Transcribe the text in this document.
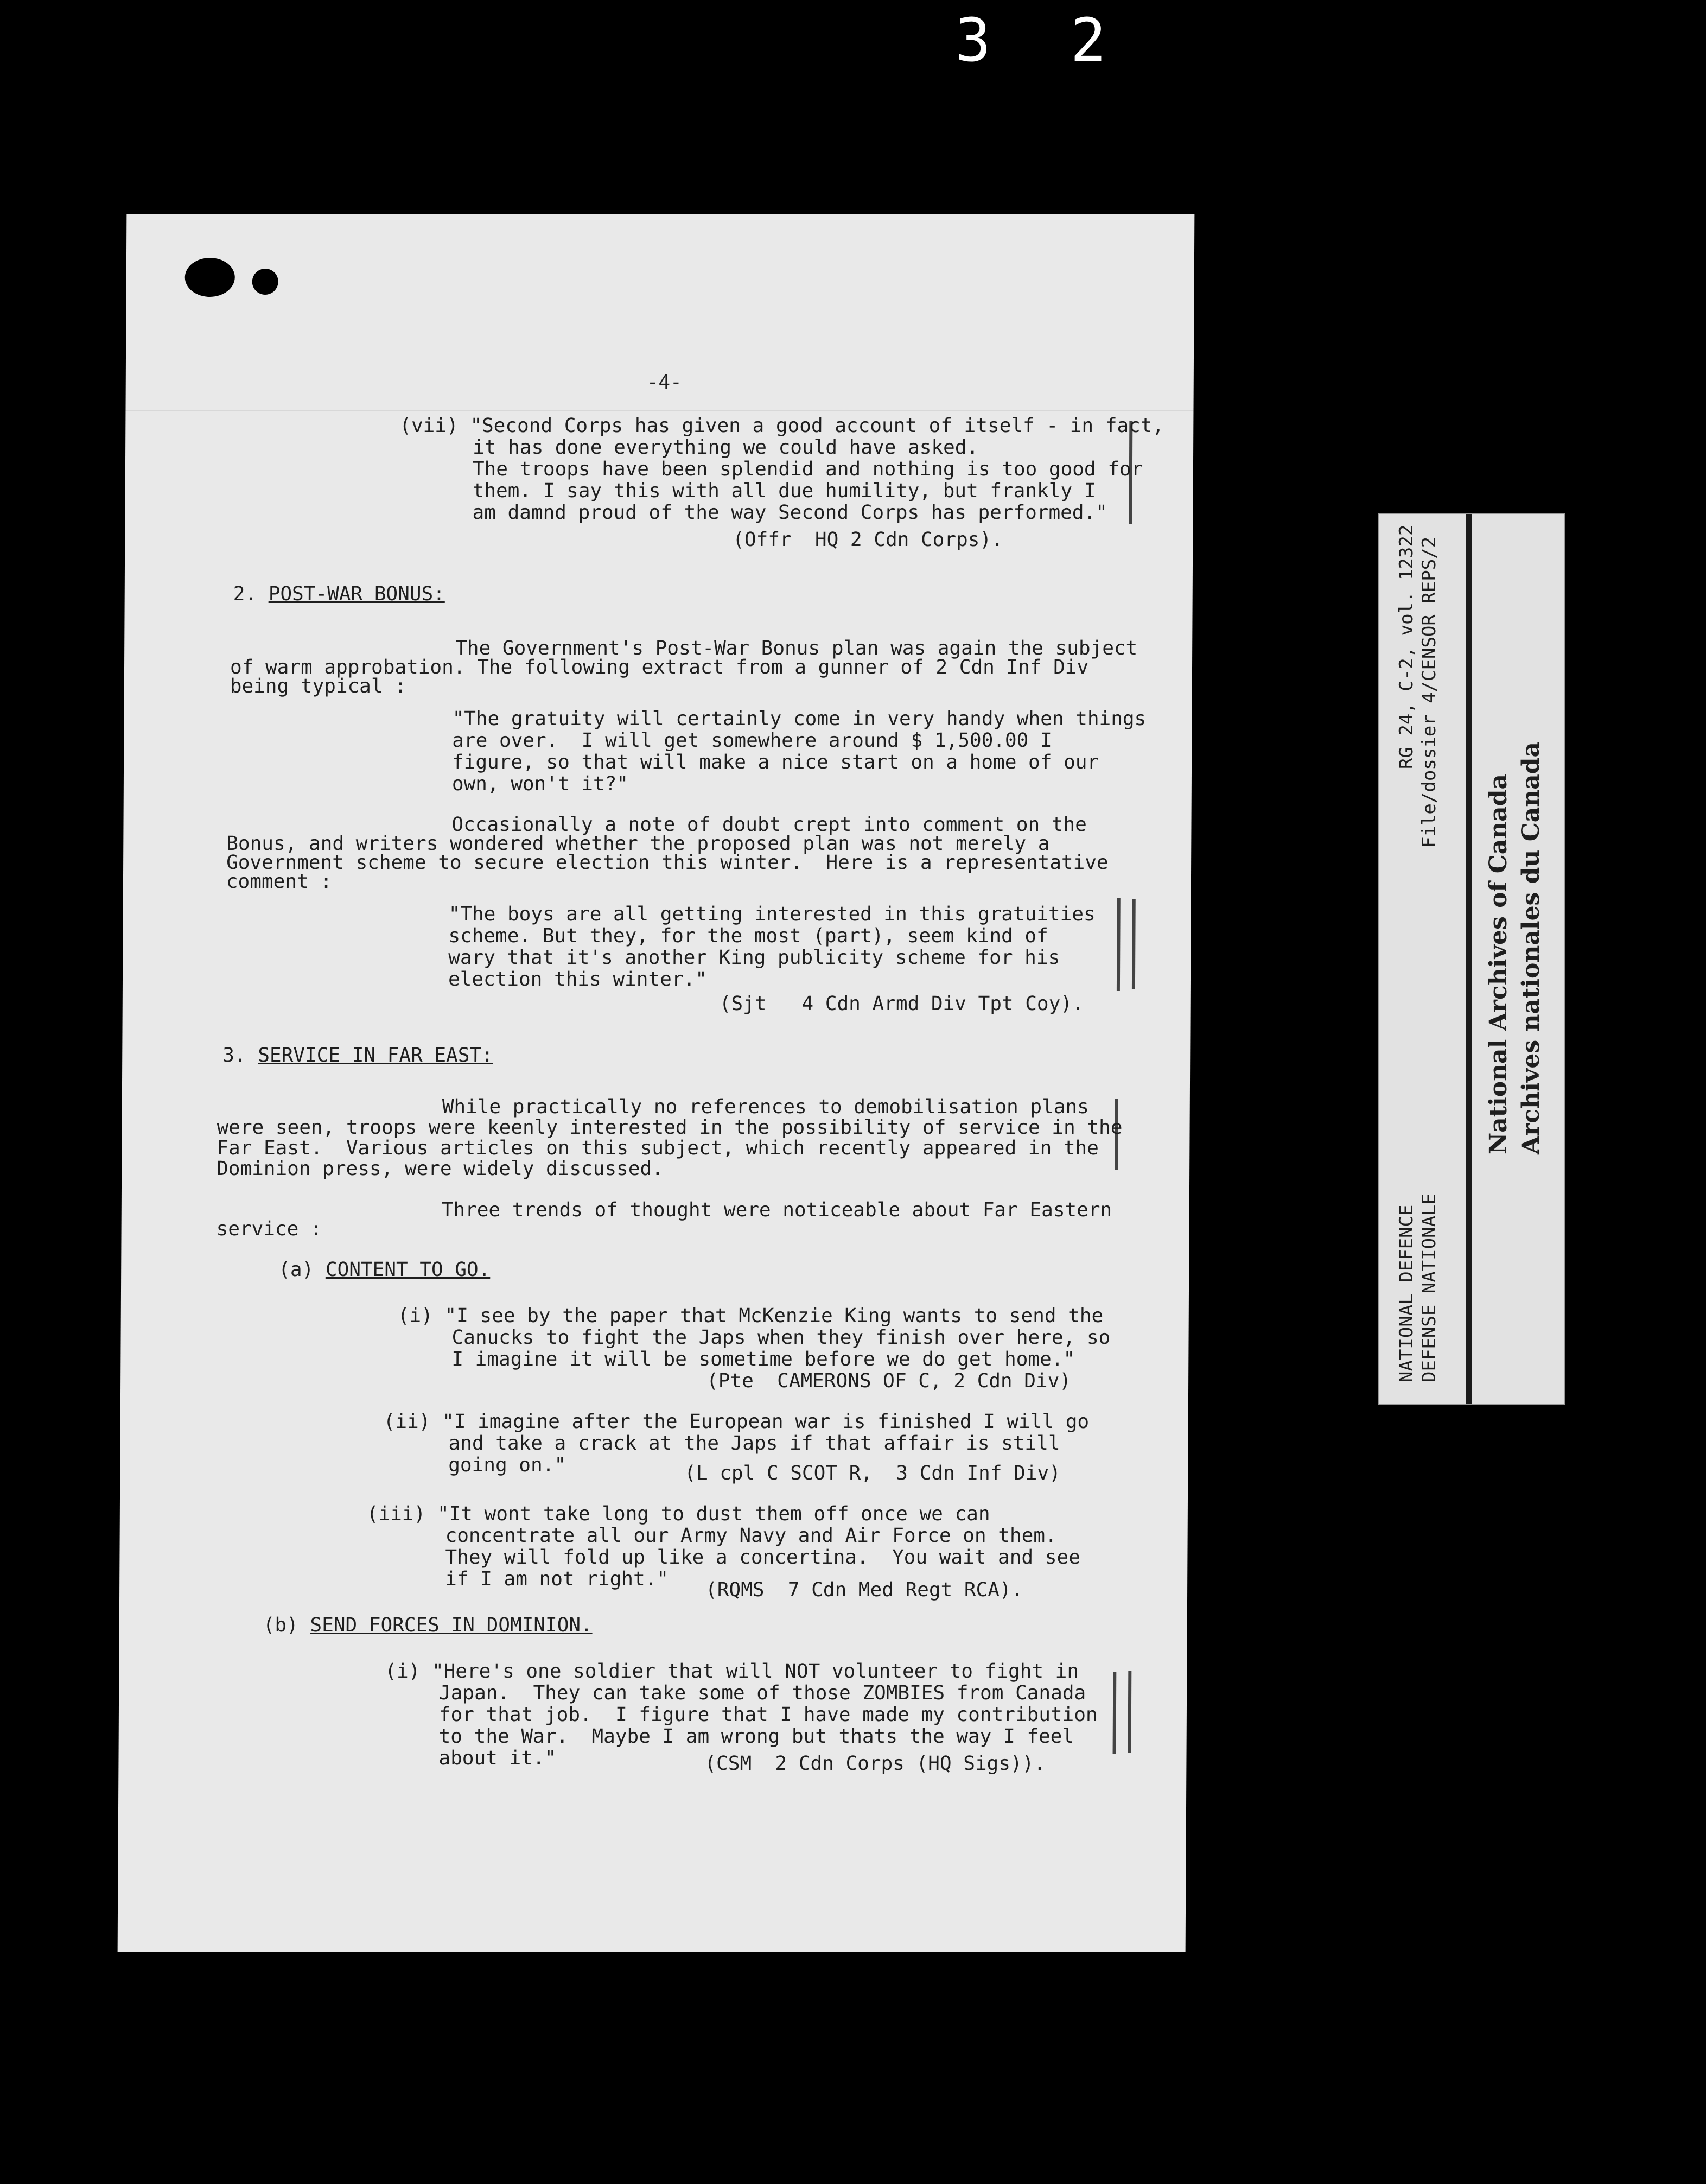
3 2
-4-
(vii) "Second Corps has given a good account of itself - in fact,
it has done everything we could have asked.
The troops have been splendid and nothing is too good for
them. I say this with all due humility, but frankly I
am damnd proud of the way Second Corps has performed."
(Offr  HQ 2 Cdn Corps).
2. POST-WAR BONUS:
The Government's Post-War Bonus plan was again the subject
of warm approbation. The following extract from a gunner of 2 Cdn Inf Div
being typical :
"The gratuity will certainly come in very handy when things
are over.  I will get somewhere around $ 1,500.00 I
figure, so that will make a nice start on a home of our
own, won't it?"
Occasionally a note of doubt crept into comment on the
Bonus, and writers wondered whether the proposed plan was not merely a
Government scheme to secure election this winter.  Here is a representative
comment :
"The boys are all getting interested in this gratuities
scheme. But they, for the most (part), seem kind of
wary that it's another King publicity scheme for his
election this winter."
(Sjt   4 Cdn Armd Div Tpt Coy).
3. SERVICE IN FAR EAST:
While practically no references to demobilisation plans
were seen, troops were keenly interested in the possibility of service in the
Far East.  Various articles on this subject, which recently appeared in the
Dominion press, were widely discussed.
Three trends of thought were noticeable about Far Eastern
service :
(a) CONTENT TO GO.
(i) "I see by the paper that McKenzie King wants to send the
Canucks to fight the Japs when they finish over here, so
I imagine it will be sometime before we do get home."
(Pte  CAMERONS OF C, 2 Cdn Div)
(ii) "I imagine after the European war is finished I will go
and take a crack at the Japs if that affair is still
going on."	(L cpl C SCOT R,  3 Cdn Inf Div)
(iii) "It wont take long to dust them off once we can
concentrate all our Army Navy and Air Force on them.
They will fold up like a concertina.  You wait and see
if I am not right." (RQMS  7 Cdn Med Regt RCA).
(b) SEND FORCES IN DOMINION.
(i) "Here's one soldier that will NOT volunteer to fight in
Japan.  They can take some of those ZOMBIES from Canada
for that job.  I figure that I have made my contribution
to the War.  Maybe I am wrong but thats the way I feel
about it."	(CSM  2 Cdn Corps (HQ Sigs)).
RG 24, C-2, vol. 12322 File/dossier 4/CENSOR REPS/2
NATIONAL DEFENCE DEFENSE NATIONALE
National Archives of Canada Archives nationales du Canada
